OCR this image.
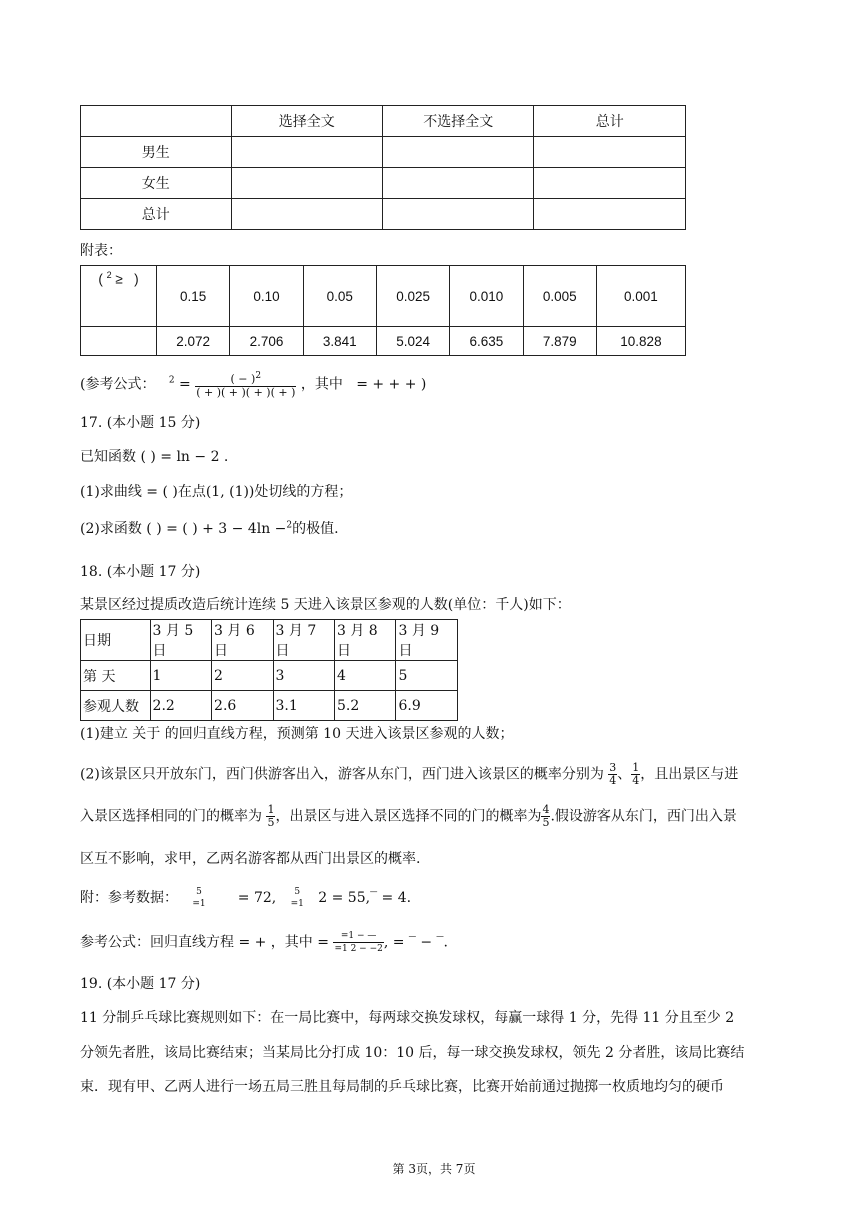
	选择全文	不选择全文	总计
男生			
女生			
总计			
附表：
( $^2$ ≥ )	0.15	0.10	0.05	0.025	0.010	0.005	0.001
	2.072	2.706	3.841	5.024	6.635	7.879	10.828
(参考公式： $^2 = \frac{( - )^2}{( + )( + )( + )( + )}$ ，其中 = + + + )
17. (本小题 15 分)
已知函数 ( ) = ln − 2 .
(1)求曲线 = ( )在点(1, (1))处切线的方程；
(2)求函数 ( ) = ( ) + 3 − 4ln −$^2$的极值.
18. (本小题 17 分)
某景区经过提质改造后统计连续 5 天进入该景区参观的人数(单位：千人)如下：
日期	3 月 5 日	3 月 6 日	3 月 7 日	3 月 8 日	3 月 9 日
第 天	1	2	3	4	5
参观人数	2.2	2.6	3.1	5.2	6.9
(1)建立 关于 的回归直线方程，预测第 10 天进入该景区参观的人数；
(2)该景区只开放东门，西门供游客出入，游客从东门，西门进入该景区的概率分别为 $\frac{3}{4}$ 、 $\frac{1}{4}$ ，且出景区与进
入景区选择相同的门的概率为 $\frac{1}{5}$ ，出景区与进入景区选择不同的门的概率为 $\frac{4}{5}$ .假设游客从东门，西门出入景
区互不影响，求甲，乙两名游客都从西门出景区的概率.
附：参考数据：	5
=1 = 72,	5
=1 2 = 55,‾ = 4.
参考公式：回归直线方程 = + ，其中 = $\frac{=1 - —}{=1 2 - -2}$ , = ‾ − ‾.
19. (本小题 17 分)
11 分制乒乓球比赛规则如下：在一局比赛中，每两球交换发球权，每赢一球得 1 分，先得 11 分且至少 2
分领先者胜，该局比赛结束；当某局比分打成 10：10 后，每一球交换发球权，领先 2 分者胜，该局比赛结
束．现有甲、乙两人进行一场五局三胜且每局制的乒乓球比赛，比赛开始前通过抛掷一枚质地均匀的硬币
第 3页，共 7页
